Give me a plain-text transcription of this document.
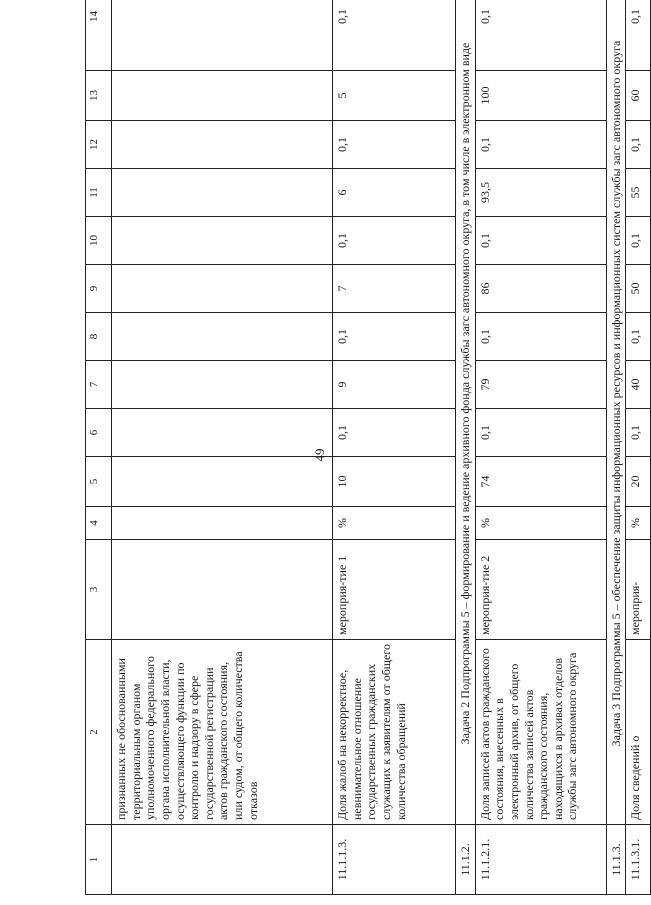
49
1	2	3	4	5	6	7	8	9	10	11	12	13	14
	признанных не обоснованными территориальным органом уполномоченного федерального органа исполнительной власти, осуществляющего функции по контролю и надзору в сфере государственной регистрации актов гражданского состояния, или судом, от общего количества отказов												
11.1.1.3.	Доля жалоб на некорректное, невнимательное отношение государственных гражданских служащих к заявителям от общего количества обращений	мероприя-тие 1	%	10	0,1	9	0,1	7	0,1	6	0,1	5	0,1
11.1.2.	Задача 2 Подпрограммы 5 – формирование и ведение архивного фонда службы загс автономного округа, в том числе в электронном виде												
11.1.2.1.	Доля записей актов гражданского состояния, внесенных в электронный архив, от общего количества записей актов гражданского состояния, находящихся в архивах отделов службы загс автономного округа	мероприя-тие 2	%	74	0,1	79	0,1	86	0,1	93,5	0,1	100	0,1
11.1.3.	Задача 3 Подпрограммы 5 – обеспечение защиты информационных ресурсов и информационных систем службы загс автономного округа												
11.1.3.1.	Доля сведений о	мероприя-	%	20	0,1	40	0,1	50	0,1	55	0,1	60	0,1
